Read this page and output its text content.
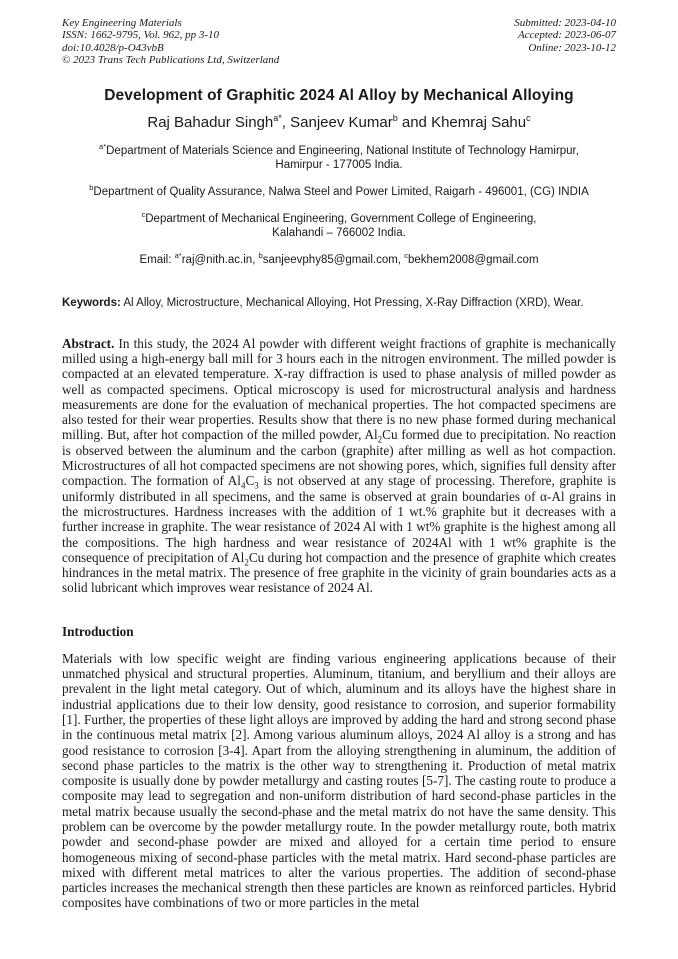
Key Engineering Materials
ISSN: 1662-9795, Vol. 962, pp 3-10
doi:10.4028/p-O43vbB
© 2023 Trans Tech Publications Ltd, Switzerland
Submitted: 2023-04-10
Accepted: 2023-06-07
Online: 2023-10-12
Development of Graphitic 2024 Al Alloy by Mechanical Alloying
Raj Bahadur Singh$^{a*}$, Sanjeev Kumar$^b$ and Khemraj Sahu$^c$
$^{a*}$Department of Materials Science and Engineering, National Institute of Technology Hamirpur,
Hamirpur - 177005 India.
$^b$Department of Quality Assurance, Nalwa Steel and Power Limited, Raigarh - 496001, (CG) INDIA
$^c$Department of Mechanical Engineering, Government College of Engineering,
Kalahandi – 766002 India.
Email: $^{a*}$raj@nith.ac.in, $^b$sanjeevphy85@gmail.com, $^c$bekhem2008@gmail.com

Keywords: Al Alloy, Microstructure, Mechanical Alloying, Hot Pressing, X-Ray Diffraction (XRD), Wear.

Abstract. In this study, the 2024 Al powder with different weight fractions of graphite is mechanically milled using a high-energy ball mill for 3 hours each in the nitrogen environment. The milled powder is compacted at an elevated temperature. X-ray diffraction is used to phase analysis of milled powder as well as compacted specimens. Optical microscopy is used for microstructural analysis and hardness measurements are done for the evaluation of mechanical properties. The hot compacted specimens are also tested for their wear properties. Results show that there is no new phase formed during mechanical milling. But, after hot compaction of the milled powder, $Al_2Cu$ formed due to precipitation. No reaction is observed between the aluminum and the carbon (graphite) after milling as well as hot compaction. Microstructures of all hot compacted specimens are not showing pores, which, signifies full density after compaction. The formation of $Al_4C_3$ is not observed at any stage of processing. Therefore, graphite is uniformly distributed in all specimens, and the same is observed at grain boundaries of α-Al grains in the microstructures. Hardness increases with the addition of 1 wt.% graphite but it decreases with a further increase in graphite. The wear resistance of 2024 Al with 1 wt% graphite is the highest among all the compositions. The high hardness and wear resistance of 2024Al with 1 wt% graphite is the consequence of precipitation of $Al_2Cu$ during hot compaction and the presence of graphite which creates hindrances in the metal matrix. The presence of free graphite in the vicinity of grain boundaries acts as a solid lubricant which improves wear resistance of 2024 Al.

Introduction

Materials with low specific weight are finding various engineering applications because of their unmatched physical and structural properties. Aluminum, titanium, and beryllium and their alloys are prevalent in the light metal category. Out of which, aluminum and its alloys have the highest share in industrial applications due to their low density, good resistance to corrosion, and superior formability [1]. Further, the properties of these light alloys are improved by adding the hard and strong second phase in the continuous metal matrix [2]. Among various aluminum alloys, 2024 Al alloy is a strong and has good resistance to corrosion [3-4]. Apart from the alloying strengthening in aluminum, the addition of second phase particles to the matrix is the other way to strengthening it. Production of metal matrix composite is usually done by powder metallurgy and casting routes [5-7]. The casting route to produce a composite may lead to segregation and non-uniform distribution of hard second-phase particles in the metal matrix because usually the second-phase and the metal matrix do not have the same density. This problem can be overcome by the powder metallurgy route. In the powder metallurgy route, both matrix powder and second-phase powder are mixed and alloyed for a certain time period to ensure homogeneous mixing of second-phase particles with the metal matrix. Hard second-phase particles are mixed with different metal matrices to alter the various properties. The addition of second-phase particles increases the mechanical strength then these particles are known as reinforced particles. Hybrid composites have combinations of two or more particles in the metal
